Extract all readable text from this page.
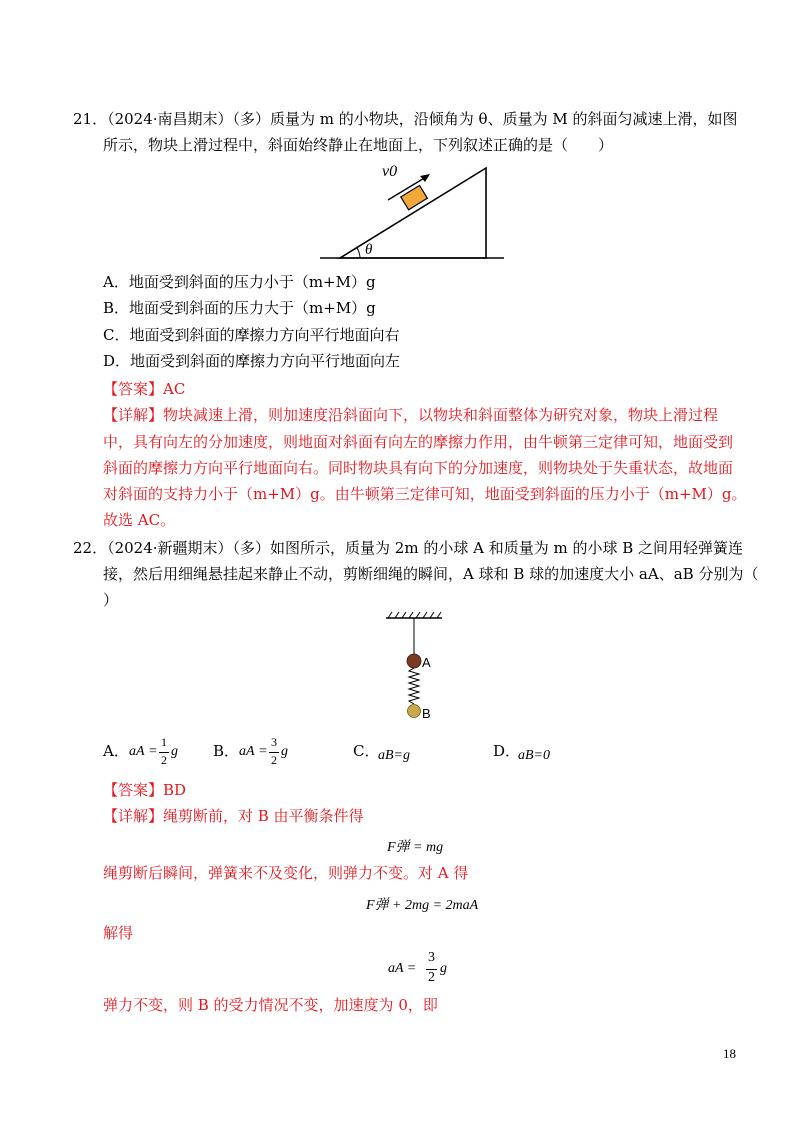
21．（2024·南昌期末）（多）质量为 m 的小物块，沿倾角为 θ、质量为 M 的斜面匀减速上滑，如图
所示，物块上滑过程中，斜面始终静止在地面上，下列叙述正确的是（　　）
v0
θ
A．地面受到斜面的压力小于（m+M）g
B．地面受到斜面的压力大于（m+M）g
C．地面受到斜面的摩擦力方向平行地面向右
D．地面受到斜面的摩擦力方向平行地面向左
【答案】AC
【详解】物块减速上滑，则加速度沿斜面向下，以物块和斜面整体为研究对象，物块上滑过程
中，具有向左的分加速度，则地面对斜面有向左的摩擦力作用，由牛顿第三定律可知，地面受到
斜面的摩擦力方向平行地面向右。同时物块具有向下的分加速度，则物块处于失重状态，故地面
对斜面的支持力小于（m+M）g。由牛顿第三定律可知，地面受到斜面的压力小于（m+M）g。
故选 AC。
22．（2024·新疆期末）（多）如图所示，质量为 2m 的小球 A 和质量为 m 的小球 B 之间用轻弹簧连
接，然后用细绳悬挂起来静止不动，剪断细绳的瞬间，A 球和 B 球的加速度大小 aA、aB 分别为（
）
A
B
A． aA =
1
2
g B． aA =
3
2
g	C．
aB=g	D．
aB=0
【答案】BD
【详解】绳剪断前，对 B 由平衡条件得
F弹 = mg
绳剪断后瞬间，弹簧来不及变化，则弹力不变。对 A 得
F弹 + 2mg = 2maA
解得
aA =
3
2
g
弹力不变，则 B 的受力情况不变，加速度为 0，即
18
